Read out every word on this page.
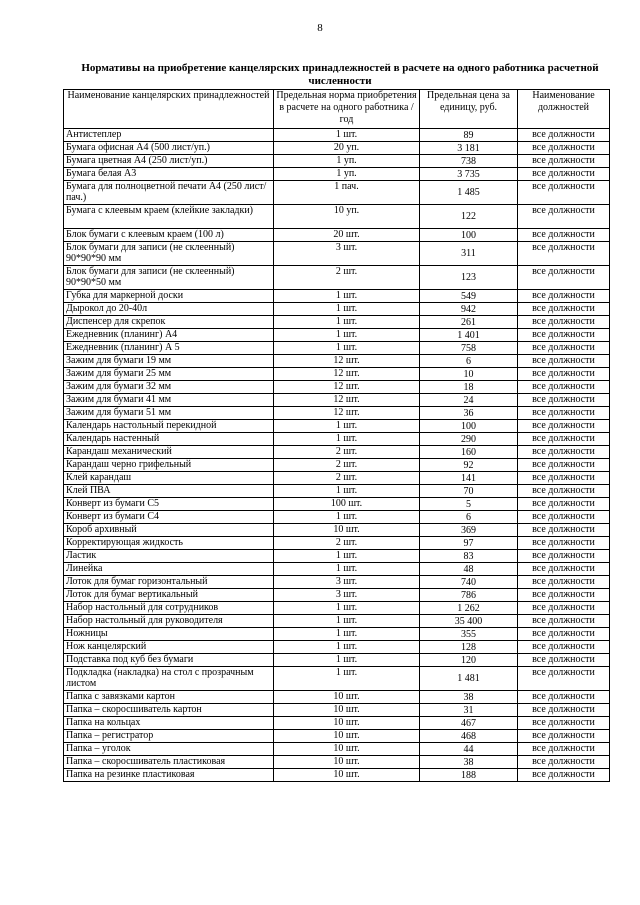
8
Нормативы на приобретение канцелярских принадлежностей в расчете на одного работника расчетной численности
Наименование канцелярских принадлежностей	Предельная норма приобретения в расчете на одного работника / год	Предельная цена за единицу, руб.	Наименование должностей
Антистеплер	1 шт.	89	все должности
Бумага офисная А4 (500 лист/уп.)	20 уп.	3 181	все должности
Бумага цветная А4 (250 лист/уп.)	1 уп.	738	все должности
Бумага белая А3	1 уп.	3 735	все должности
Бумага для полноцветной печати А4 (250 лист/пач.)	1 пач.	1 485	все должности
Бумага с клеевым краем (клейкие закладки)	10 уп.	122	все должности
Блок бумаги с клеевым краем (100 л)	20 шт.	100	все должности
Блок бумаги для записи (не склеенный) 90*90*90 мм	3 шт.	311	все должности
Блок бумаги для записи (не склеенный) 90*90*50 мм	2 шт.	123	все должности
Губка для маркерной доски	1 шт.	549	все должности
Дырокол до 20-40л	1 шт.	942	все должности
Диспенсер для скрепок	1 шт.	261	все должности
Ежедневник (планинг) А4	1 шт.	1 401	все должности
Ежедневник (планинг) А 5	1 шт.	758	все должности
Зажим для бумаги 19 мм	12 шт.	6	все должности
Зажим для бумаги 25 мм	12 шт.	10	все должности
Зажим для бумаги 32 мм	12 шт.	18	все должности
Зажим для бумаги 41 мм	12 шт.	24	все должности
Зажим для бумаги 51 мм	12 шт.	36	все должности
Календарь настольный перекидной	1 шт.	100	все должности
Календарь настенный	1 шт.	290	все должности
Карандаш механический	2 шт.	160	все должности
Карандаш черно грифельный	2 шт.	92	все должности
Клей карандаш	2 шт.	141	все должности
Клей ПВА	1 шт.	70	все должности
Конверт из бумаги С5	100 шт.	5	все должности
Конверт из бумаги С4	1 шт.	6	все должности
Короб архивный	10 шт.	369	все должности
Корректирующая жидкость	2 шт.	97	все должности
Ластик	1 шт.	83	все должности
Линейка	1 шт.	48	все должности
Лоток для бумаг горизонтальный	3 шт.	740	все должности
Лоток для бумаг вертикальный	3 шт.	786	все должности
Набор настольный для сотрудников	1 шт.	1 262	все должности
Набор настольный для руководителя	1 шт.	35 400	все должности
Ножницы	1 шт.	355	все должности
Нож канцелярский	1 шт.	128	все должности
Подставка под куб без бумаги	1 шт.	120	все должности
Подкладка (накладка) на стол с прозрачным листом	1 шт.	1 481	все должности
Папка с завязками картон	10 шт.	38	все должности
Папка – скоросшиватель картон	10 шт.	31	все должности
Папка на кольцах	10 шт.	467	все должности
Папка – регистратор	10 шт.	468	все должности
Папка – уголок	10 шт.	44	все должности
Папка – скоросшиватель пластиковая	10 шт.	38	все должности
Папка на резинке пластиковая	10 шт.	188	все должности
